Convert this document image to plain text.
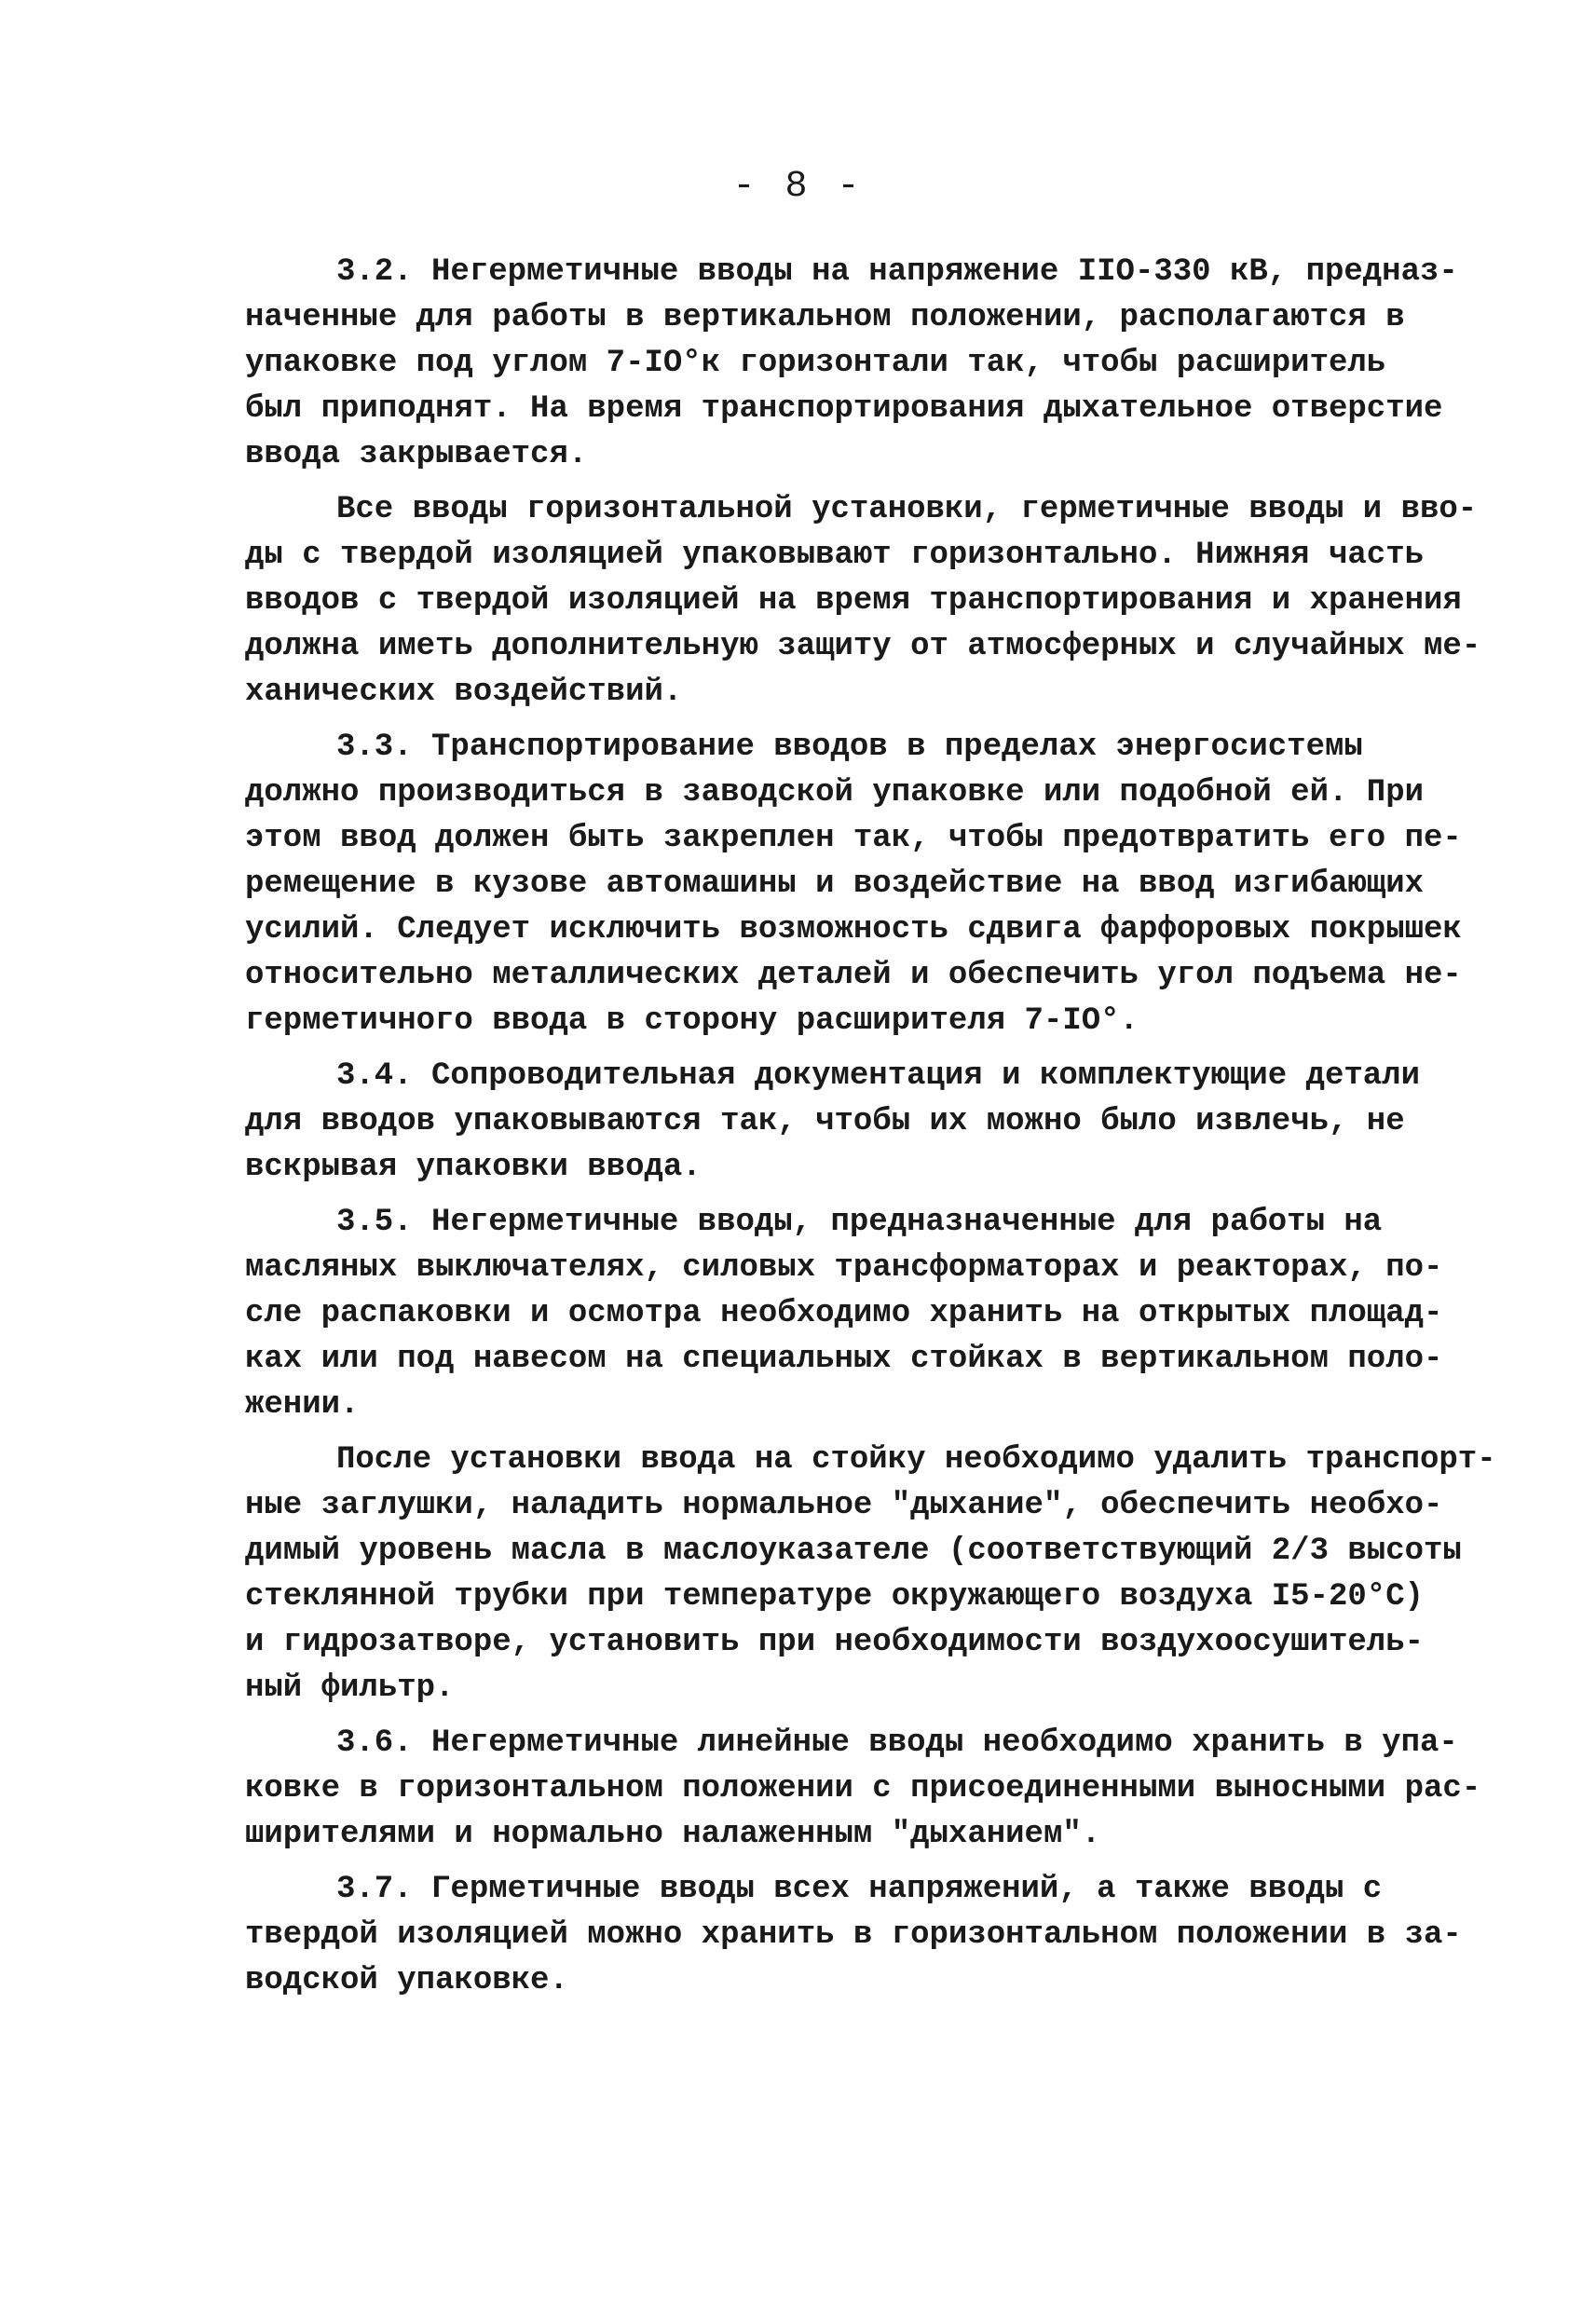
- 8 -
3.2. Негерметичные вводы на напряжение IIO-330 кВ, предназ-
наченные для работы в вертикальном положении, располагаются в
упаковке под углом 7-IO°к горизонтали так, чтобы расширитель
был приподнят. На время транспортирования дыхательное отверстие
ввода закрывается.
Все вводы горизонтальной установки, герметичные вводы и вво-
ды с твердой изоляцией упаковывают горизонтально. Нижняя часть
вводов с твердой изоляцией на время транспортирования и хранения
должна иметь дополнительную защиту от атмосферных и случайных ме-
ханических воздействий.
3.3. Транспортирование вводов в пределах энергосистемы
должно производиться в заводской упаковке или подобной ей. При
этом ввод должен быть закреплен так, чтобы предотвратить его пе-
ремещение в кузове автомашины и воздействие на ввод изгибающих
усилий. Следует исключить возможность сдвига фарфоровых покрышек
относительно металлических деталей и обеспечить угол подъема не-
герметичного ввода в сторону расширителя 7-IO°.
3.4. Сопроводительная документация и комплектующие детали
для вводов упаковываются так, чтобы их можно было извлечь, не
вскрывая упаковки ввода.
3.5. Негерметичные вводы, предназначенные для работы на
масляных выключателях, силовых трансформаторах и реакторах, по-
сле распаковки и осмотра необходимо хранить на открытых площад-
ках или под навесом на специальных стойках в вертикальном поло-
жении.
После установки ввода на стойку необходимо удалить транспорт-
ные заглушки, наладить нормальное "дыхание", обеспечить необхо-
димый уровень масла в маслоуказателе (соответствующий 2/3 высоты
стеклянной трубки при температуре окружающего воздуха I5-20°С)
и гидрозатворе, установить при необходимости воздухоосушитель-
ный фильтр.
3.6. Негерметичные линейные вводы необходимо хранить в упа-
ковке в горизонтальном положении с присоединенными выносными рас-
ширителями и нормально налаженным "дыханием".
3.7. Герметичные вводы всех напряжений, а также вводы с
твердой изоляцией можно хранить в горизонтальном положении в за-
водской упаковке.
